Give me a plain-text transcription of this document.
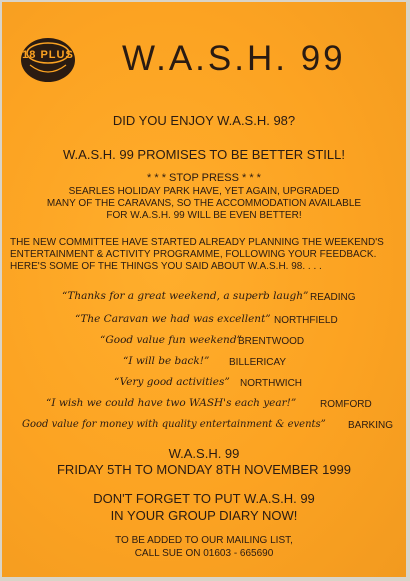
18 PLUS W.A.S.H. 99
DID YOU ENJOY W.A.S.H. 98?
W.A.S.H. 99 PROMISES TO BE BETTER STILL!
* * * STOP PRESS * * *
SEARLES HOLIDAY PARK HAVE, YET AGAIN, UPGRADED
MANY OF THE CARAVANS, SO THE ACCOMMODATION AVAILABLE
FOR W.A.S.H. 99 WILL BE EVEN BETTER!
THE NEW COMMITTEE HAVE STARTED ALREADY PLANNING THE WEEKEND'S
ENTERTAINMENT & ACTIVITY PROGRAMME, FOLLOWING YOUR FEEDBACK.
HERE'S SOME OF THE THINGS YOU SAID ABOUT W.A.S.H. 98. . . .
“Thanks for a great weekend, a superb laugh” READING
“The Caravan we had was excellent” NORTHFIELD
“Good value fun weekend”
BRENTWOOD
“I will be back!” BILLERICAY
“Very good activities” NORTHWICH
“I wish we could have two WASH's each year!” ROMFORD
Good value for money with quality entertainment & events” BARKING
W.A.S.H. 99
FRIDAY 5TH TO MONDAY 8TH NOVEMBER 1999
DON'T FORGET TO PUT W.A.S.H. 99
IN YOUR GROUP DIARY NOW!
TO BE ADDED TO OUR MAILING LIST,
CALL SUE ON 01603 - 665690
